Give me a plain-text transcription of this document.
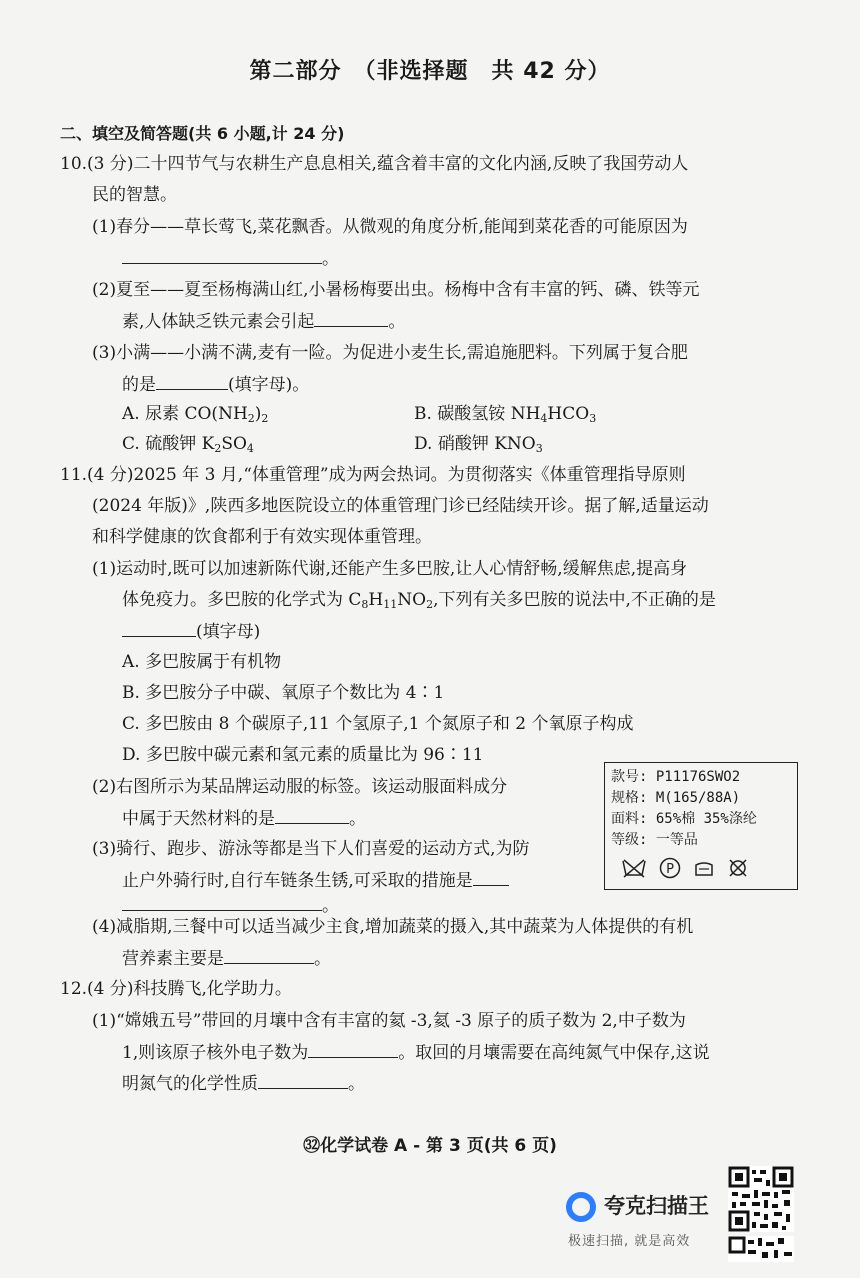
第二部分　（非选择题　共 42 分）
二、填空及简答题(共 6 小题,计 24 分)
10.(3 分)二十四节气与农耕生产息息相关,蕴含着丰富的文化内涵,反映了我国劳动人
民的智慧。
(1)春分——草长莺飞,菜花飘香。从微观的角度分析,能闻到菜花香的可能原因为
。
(2)夏至——夏至杨梅满山红,小暑杨梅要出虫。杨梅中含有丰富的钙、磷、铁等元
素,人体缺乏铁元素会引起	。
(3)小满——小满不满,麦有一险。为促进小麦生长,需追施肥料。下列属于复合肥
的是	(填字母)。
A. 尿素 $CO(NH_2)_2$	B. 碳酸氢铵 $NH_4HCO_3$
C. 硫酸钾 $K_2SO_4$	D. 硝酸钾 $KNO_3$
11.(4 分)2025 年 3 月,“体重管理”成为两会热词。为贯彻落实《体重管理指导原则
(2024 年版)》,陕西多地医院设立的体重管理门诊已经陆续开诊。据了解,适量运动
和科学健康的饮食都利于有效实现体重管理。
(1)运动时,既可以加速新陈代谢,还能产生多巴胺,让人心情舒畅,缓解焦虑,提高身
体免疫力。多巴胺的化学式为 $C_8H_{11}NO_2$,下列有关多巴胺的说法中,不正确的是
(填字母)
A. 多巴胺属于有机物
B. 多巴胺分子中碳、氧原子个数比为 4∶1
C. 多巴胺由 8 个碳原子,11 个氢原子,1 个氮原子和 2 个氧原子构成
D. 多巴胺中碳元素和氢元素的质量比为 96∶11
(2)右图所示为某品牌运动服的标签。该运动服面料成分
中属于天然材料的是	。
(3)骑行、跑步、游泳等都是当下人们喜爱的运动方式,为防
止户外骑行时,自行车链条生锈,可采取的措施是
。
款号: P11176SWO2
规格: M(165/88A)
面料: 65%棉 35%涤纶
等级: 一等品
P
(4)减脂期,三餐中可以适当减少主食,增加蔬菜的摄入,其中蔬菜为人体提供的有机
营养素主要是	。
12.(4 分)科技腾飞,化学助力。
(1)“嫦娥五号”带回的月壤中含有丰富的氦 -3,氦 -3 原子的质子数为 2,中子数为
1,则该原子核外电子数为	。取回的月壤需要在高纯氮气中保存,这说
明氮气的化学性质	。
㉜化学试卷 A - 第 3 页(共 6 页)
夸克扫描王
极速扫描, 就是高效
